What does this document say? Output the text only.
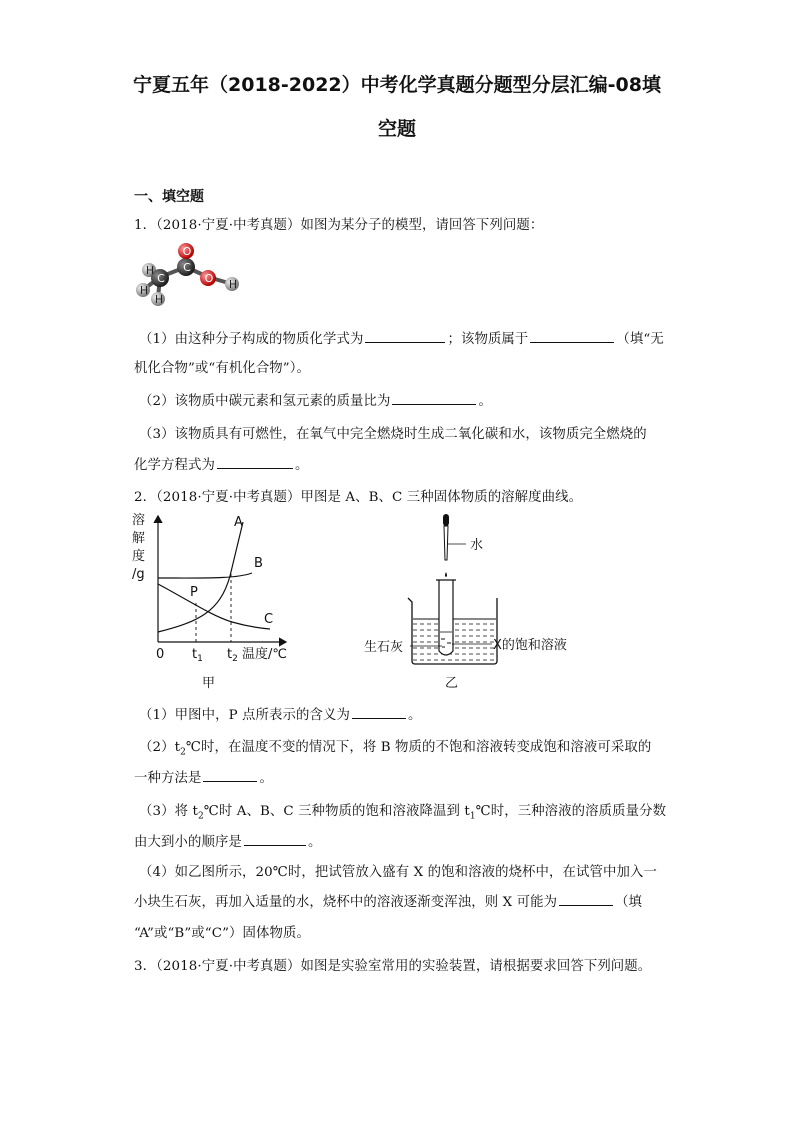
宁夏五年（2018-2022）中考化学真题分题型分层汇编-08填
空题
一、填空题
1．（2018·宁夏·中考真题）如图为某分子的模型，请回答下列问题：
H
H
H
C
C
O
O H
（1）由这种分子构成的物质化学式为	；该物质属于	（填“无
机化合物”或“有机化合物”）。
（2）该物质中碳元素和氢元素的质量比为	。
（3）该物质具有可燃性，在氧气中完全燃烧时生成二氧化碳和水，该物质完全燃烧的
化学方程式为	。
2．（2018·宁夏·中考真题）甲图是 A、B、C 三种固体物质的溶解度曲线。
溶
解
度
/g
0 $t_1$ $t_2$ 温度/℃
A
B
C
P
甲
水
生石灰	X的饱和溶液
乙
（1）甲图中，P 点所表示的含义为	。
$(2)t_2℃$时，在温度不变的情况下，将 B 物质的不饱和溶液转变成饱和溶液可采取的
一种方法是	。
（3）将 $t_2℃$时 A、B、C 三种物质的饱和溶液降温到 $t_1℃$时，三种溶液的溶质质量分数
由大到小的顺序是	。
（4）如乙图所示，20℃时，把试管放入盛有 X 的饱和溶液的烧杯中，在试管中加入一
小块生石灰，再加入适量的水，烧杯中的溶液逐渐变浑浊，则 X 可能为	（填
“A”或“B”或“C”）固体物质。
3．（2018·宁夏·中考真题）如图是实验室常用的实验装置，请根据要求回答下列问题。
